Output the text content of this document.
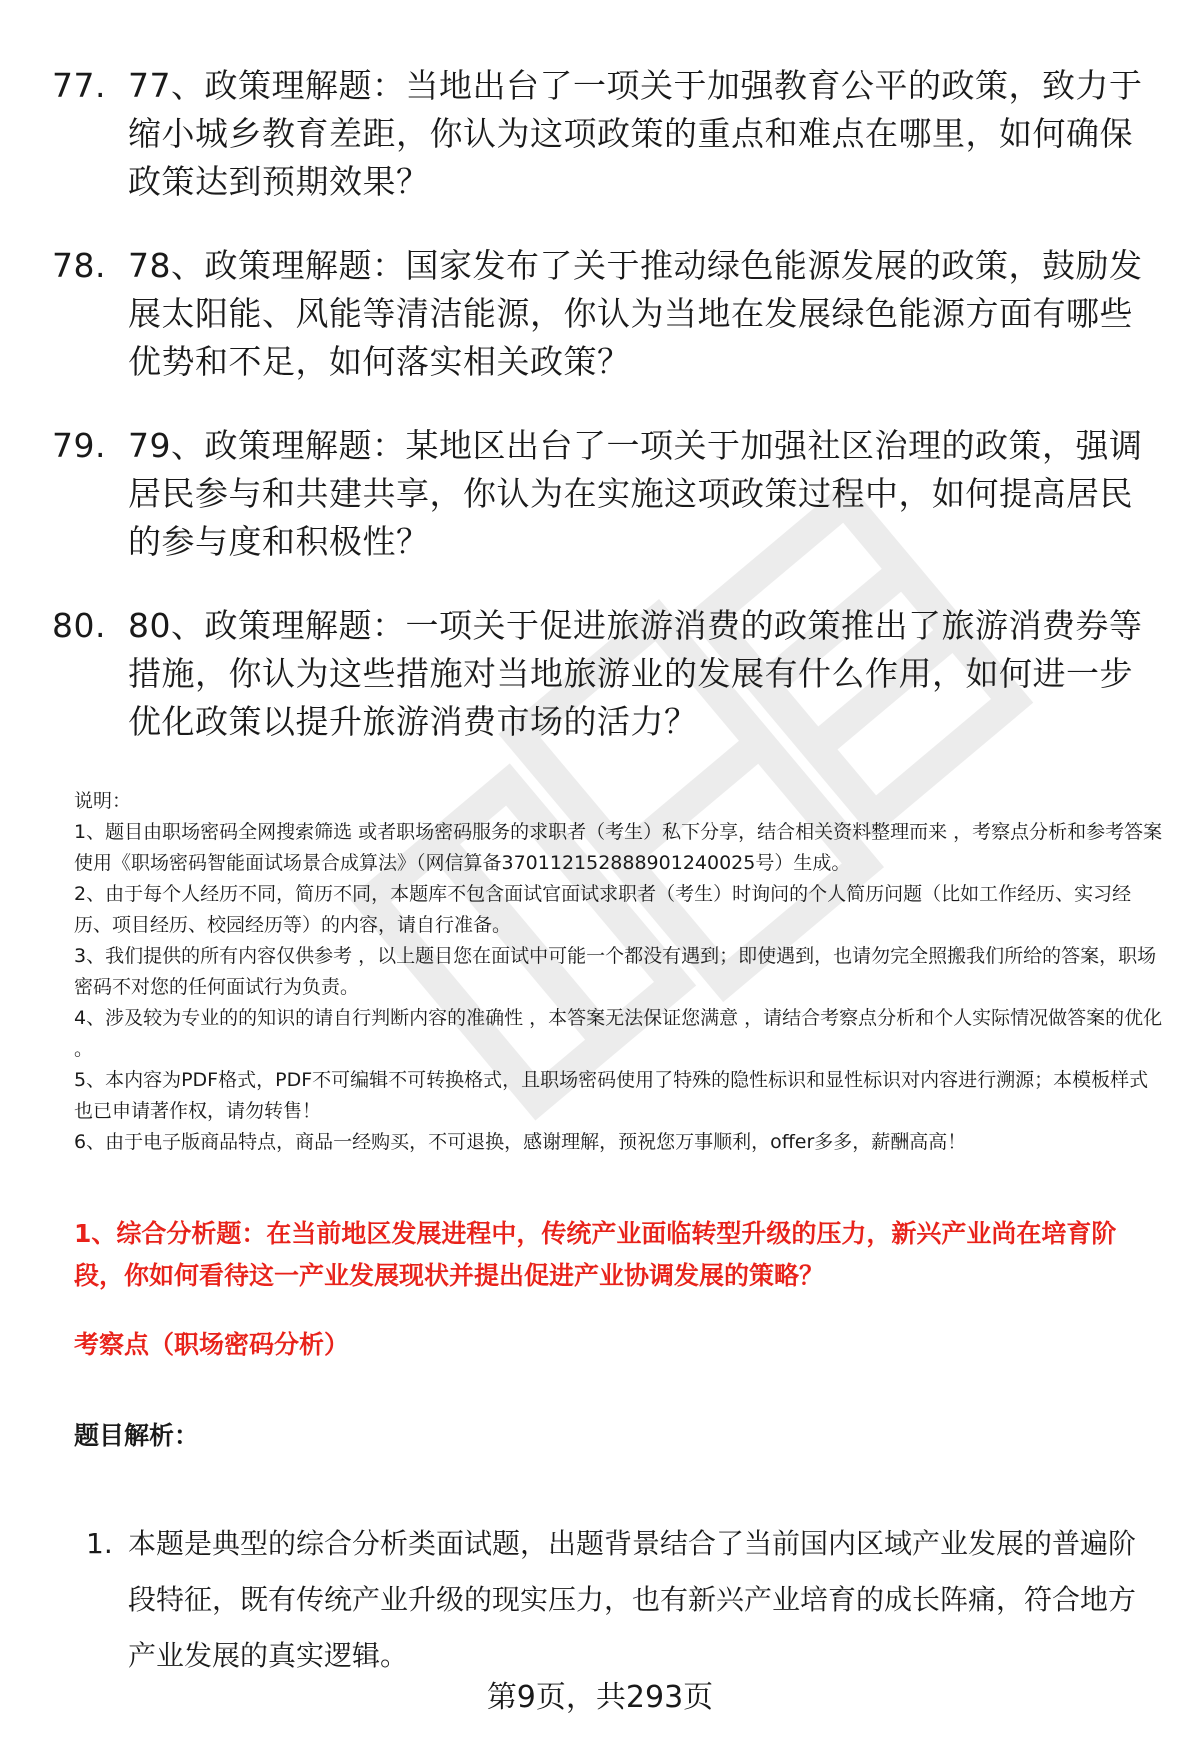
77. 77、政策理解题：当地出台了一项关于加强教育公平的政策，致力于缩小城乡教育差距，你认为这项政策的重点和难点在哪里，如何确保政策达到预期效果？
78. 78、政策理解题：国家发布了关于推动绿色能源发展的政策，鼓励发展太阳能、风能等清洁能源，你认为当地在发展绿色能源方面有哪些优势和不足，如何落实相关政策？
79. 79、政策理解题：某地区出台了一项关于加强社区治理的政策，强调居民参与和共建共享，你认为在实施这项政策过程中，如何提高居民的参与度和积极性？
80. 80、政策理解题：一项关于促进旅游消费的政策推出了旅游消费券等措施，你认为这些措施对当地旅游业的发展有什么作用，如何进一步优化政策以提升旅游消费市场的活力？

说明：

1、题目由职场密码全网搜索筛选 或者职场密码服务的求职者（考生）私下分享，结合相关资料整理而来 ，考察点分析和参考答案使用《职场密码智能面试场景合成算法》（网信算备370112152888901240025号）生成。

2、由于每个人经历不同，简历不同，本题库不包含面试官面试求职者（考生）时询问的个人简历问题（比如工作经历、实习经历、项目经历、校园经历等）的内容，请自行准备。

3、我们提供的所有内容仅供参考 ，以上题目您在面试中可能一个都没有遇到；即使遇到，也请勿完全照搬我们所给的答案，职场密码不对您的任何面试行为负责。

4、涉及较为专业的的知识的请自行判断内容的准确性 ，本答案无法保证您满意 ，请结合考察点分析和个人实际情况做答案的优化 。

5、本内容为PDF格式，PDF不可编辑不可转换格式，且职场密码使用了特殊的隐性标识和显性标识对内容进行溯源；本模板样式也已申请著作权，请勿转售！

6、由于电子版商品特点，商品一经购买，不可退换，感谢理解，预祝您万事顺利，offer多多，薪酬高高！

1、综合分析题：在当前地区发展进程中，传统产业面临转型升级的压力，新兴产业尚在培育阶段，你如何看待这一产业发展现状并提出促进产业协调发展的策略？
考察点（职场密码分析）
题目解析：
1. 本题是典型的综合分析类面试题，出题背景结合了当前国内区域产业发展的普遍阶段特征，既有传统产业升级的现实压力，也有新兴产业培育的成长阵痛，符合地方产业发展的真实逻辑。
第9页，共293页
